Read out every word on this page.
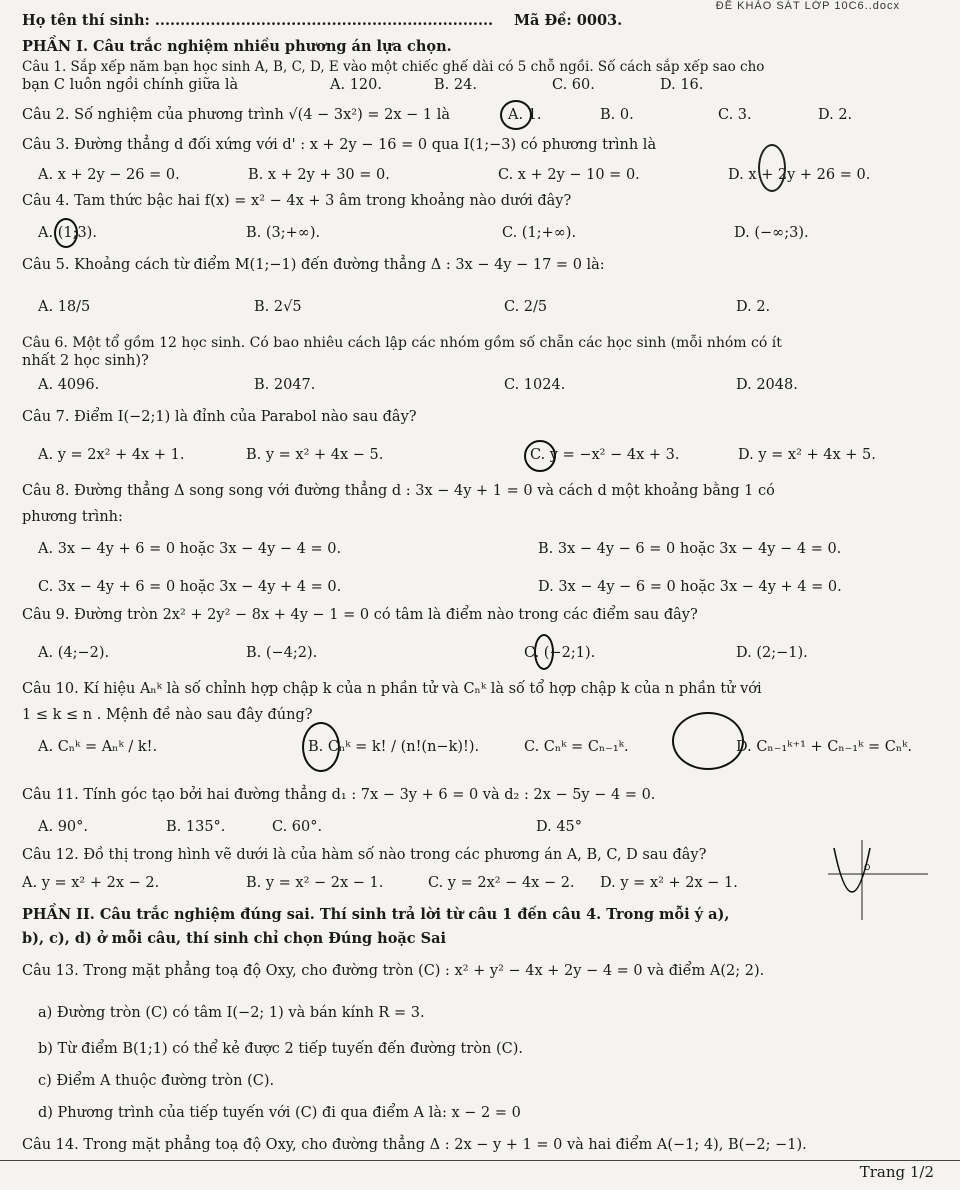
ĐỀ KHẢO SÁT LỚP 10C6..docx
Họ tên thí sinh: ................................................................... Mã Đề: 0003.
PHẦN I. Câu trắc nghiệm nhiều phương án lựa chọn.
Câu 1. Sắp xếp năm bạn học sinh A, B, C, D, E vào một chiếc ghế dài có 5 chỗ ngồi. Số cách sắp xếp sao cho
bạn C luôn ngồi chính giữa là	A. 120.	B. 24.	C. 60.	D. 16.
Câu 2. Số nghiệm của phương trình √(4 − 3x²) = 2x − 1 là	A. 1.	B. 0.	C. 3.	D. 2.
Câu 3. Đường thẳng d đối xứng với d' : x + 2y − 16 = 0 qua I(1;−3) có phương trình là
A. x + 2y − 26 = 0.	B. x + 2y + 30 = 0.	C. x + 2y − 10 = 0.	D. x + 2y + 26 = 0.
Câu 4. Tam thức bậc hai f(x) = x² − 4x + 3 âm trong khoảng nào dưới đây?
A. (1;3).	B. (3;+∞).	C. (1;+∞).	D. (−∞;3).
Câu 5. Khoảng cách từ điểm M(1;−1) đến đường thẳng Δ : 3x − 4y − 17 = 0 là:
A. 18/5	B. 2√5	C. 2/5	D. 2.
Câu 6. Một tổ gồm 12 học sinh. Có bao nhiêu cách lập các nhóm gồm số chẵn các học sinh (mỗi nhóm có ít
nhất 2 học sinh)?
A. 4096.	B. 2047.	C. 1024.	D. 2048.
Câu 7. Điểm I(−2;1) là đỉnh của Parabol nào sau đây?
A. y = 2x² + 4x + 1.	B. y = x² + 4x − 5.	C. y = −x² − 4x + 3.	D. y = x² + 4x + 5.
Câu 8. Đường thẳng Δ song song với đường thẳng d : 3x − 4y + 1 = 0 và cách d một khoảng bằng 1 có
phương trình:
A. 3x − 4y + 6 = 0 hoặc 3x − 4y − 4 = 0.	B. 3x − 4y − 6 = 0 hoặc 3x − 4y − 4 = 0.
C. 3x − 4y + 6 = 0 hoặc 3x − 4y + 4 = 0.	D. 3x − 4y − 6 = 0 hoặc 3x − 4y + 4 = 0.
Câu 9. Đường tròn 2x² + 2y² − 8x + 4y − 1 = 0 có tâm là điểm nào trong các điểm sau đây?
A. (4;−2).	B. (−4;2).	C. (−2;1).	D. (2;−1).
Câu 10. Kí hiệu Aₙᵏ là số chỉnh hợp chập k của n phần tử và Cₙᵏ là số tổ hợp chập k của n phần tử với
1 ≤ k ≤ n . Mệnh đề nào sau đây đúng?
A. Cₙᵏ = Aₙᵏ / k!.	B. Cₙᵏ = k! / (n!(n−k)!).	C. Cₙᵏ = Cₙ₋₁ᵏ.	D. Cₙ₋₁ᵏ⁺¹ + Cₙ₋₁ᵏ = Cₙᵏ.
Câu 11. Tính góc tạo bởi hai đường thẳng d₁ : 7x − 3y + 6 = 0 và d₂ : 2x − 5y − 4 = 0.
A. 90°.	B. 135°.	C. 60°.	D. 45°
Câu 12. Đồ thị trong hình vẽ dưới là của hàm số nào trong các phương án A, B, C, D sau đây?
A. y = x² + 2x − 2.	B. y = x² − 2x − 1.	C. y = 2x² − 4x − 2. D. y = x² + 2x − 1.
O
PHẦN II. Câu trắc nghiệm đúng sai. Thí sinh trả lời từ câu 1 đến câu 4. Trong mỗi ý a),
b), c), d) ở mỗi câu, thí sinh chỉ chọn Đúng hoặc Sai
Câu 13. Trong mặt phẳng toạ độ Oxy, cho đường tròn (C) : x² + y² − 4x + 2y − 4 = 0 và điểm A(2; 2).
a) Đường tròn (C) có tâm I(−2; 1) và bán kính R = 3.
b) Từ điểm B(1;1) có thể kẻ được 2 tiếp tuyến đến đường tròn (C).
c) Điểm A thuộc đường tròn (C).
d) Phương trình của tiếp tuyến với (C) đi qua điểm A là: x − 2 = 0
Câu 14. Trong mặt phẳng toạ độ Oxy, cho đường thẳng Δ : 2x − y + 1 = 0 và hai điểm A(−1; 4), B(−2; −1).
Trang 1/2
